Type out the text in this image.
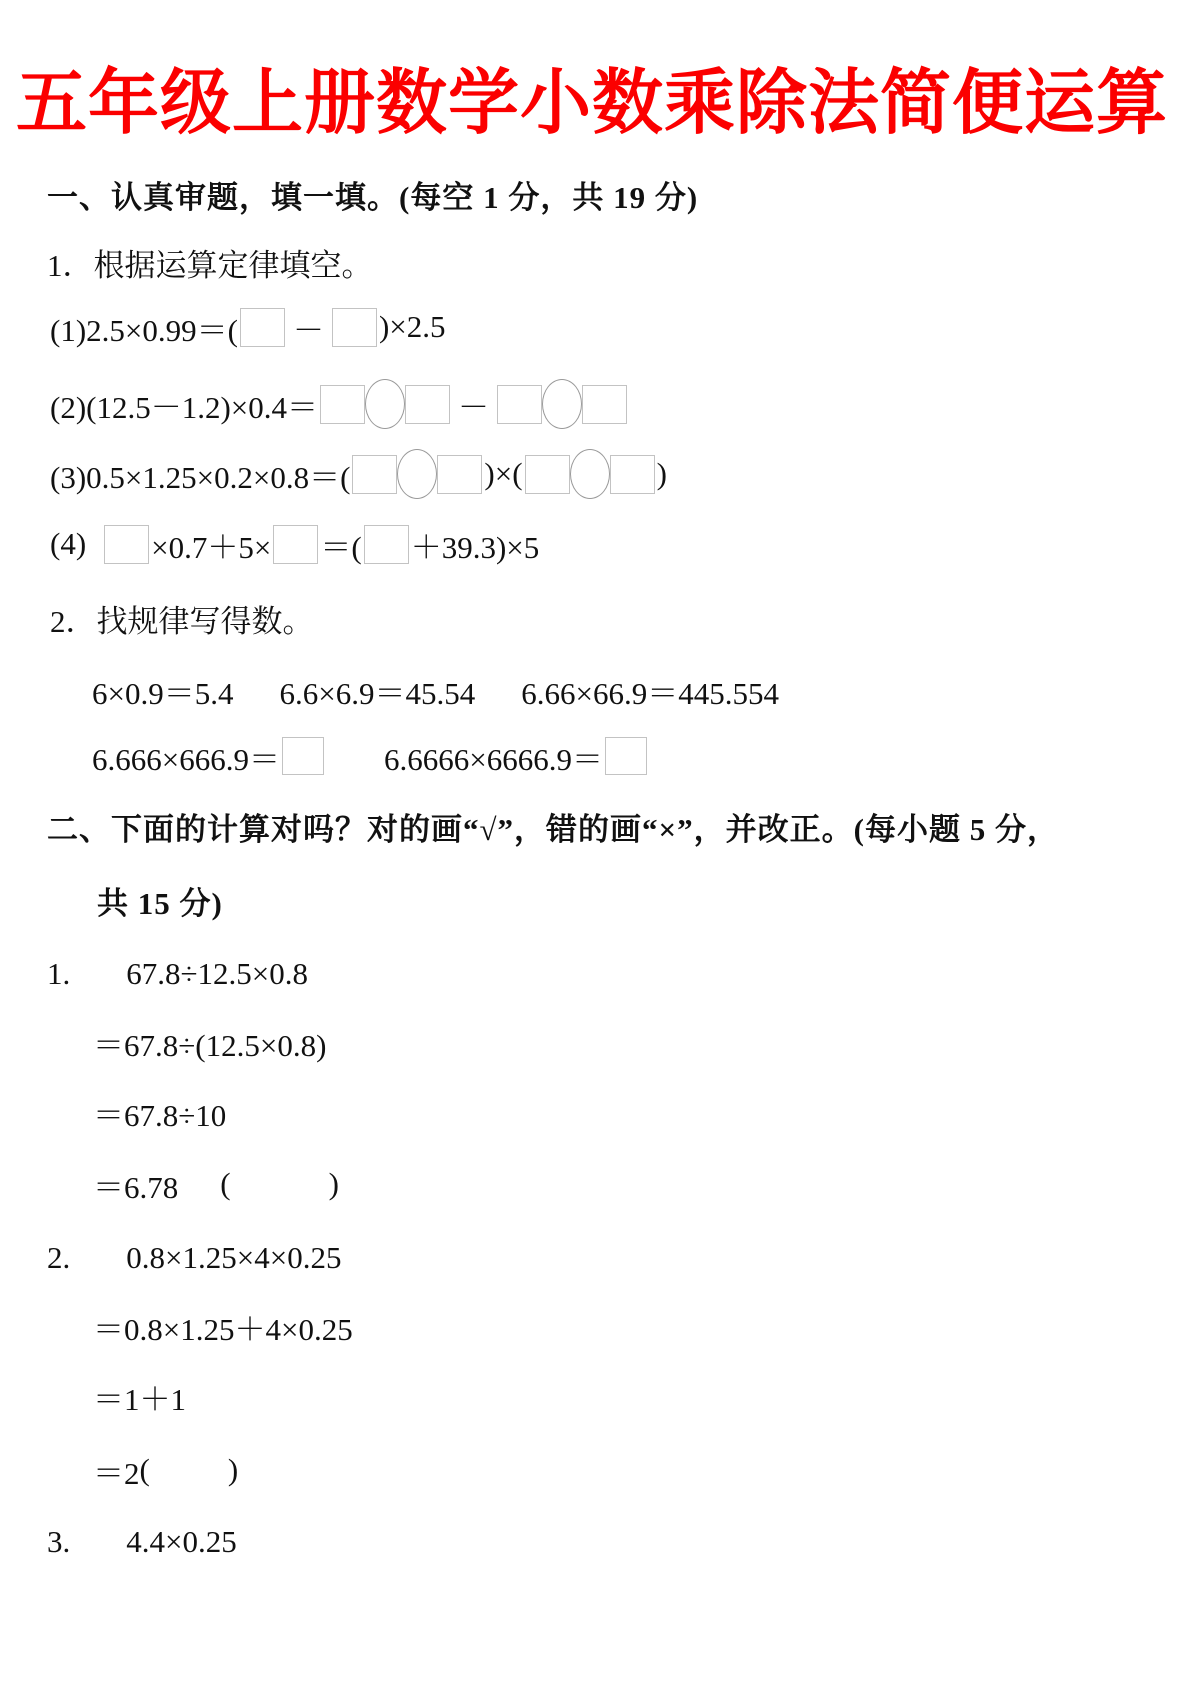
五年级上册数学小数乘除法简便运算
一、认真审题，填一填。(每空 1 分，共 19 分)
1．根据运算定律填空。
(1)2.5×0.99＝( － )×2.5
(2)(12.5－1.2)×0.4＝	－
(3)0.5×1.25×0.2×0.8＝(	)×(	)
(4) ×0.7＋5× ＝( ＋39.3)×5
2．找规律写得数。
6×0.9＝5.4 6.6×6.9＝45.54 6.66×66.9＝445.554
6.666×666.9＝	6.6666×6666.9＝
二、下面的计算对吗？对的画“√”，错的画“×”，并改正。(每小题 5 分，
共 15 分)
1. 67.8÷12.5×0.8
＝67.8÷(12.5×0.8)
＝67.8÷10
＝6.78 (	)
2. 0.8×1.25×4×0.25
＝0.8×1.25＋4×0.25
＝1＋1
＝2 (	)
3. 4.4×0.25
